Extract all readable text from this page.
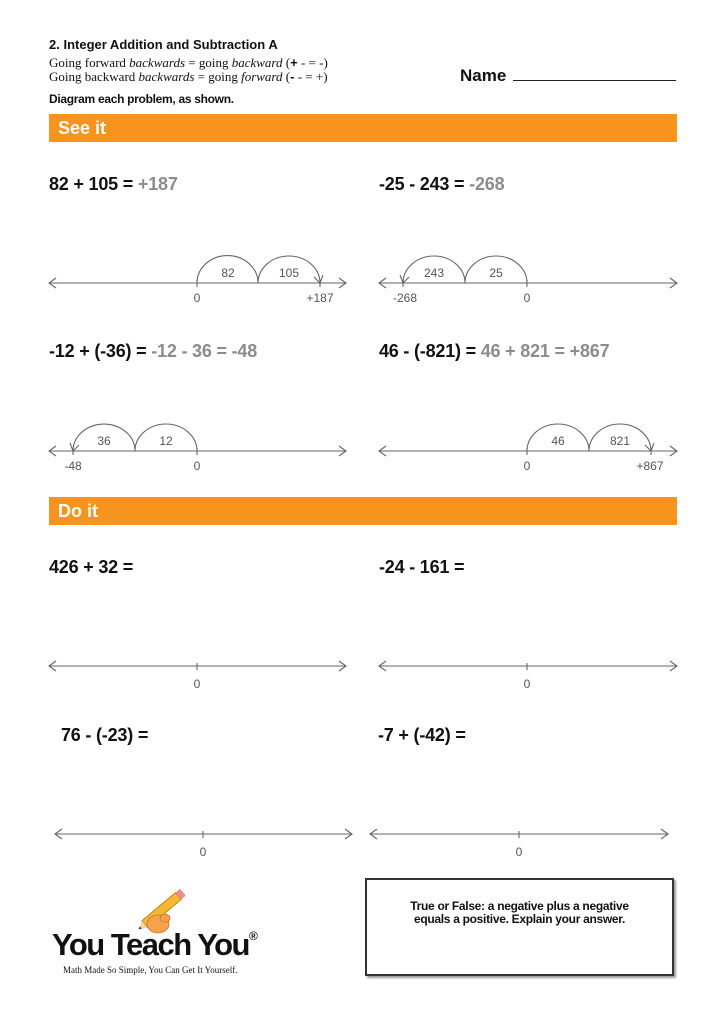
2. Integer Addition and Subtraction A
Going forward backwards = going backward (+ - = -)
Going backward backwards = going forward (- - = +)
Diagram each problem, as shown.
Name
See it
82 + 105 = +187	-25 - 243 = -268
-12 + (-36) = -12 - 36 = -48	46 - (-821) = 46 + 821 = +867
82	105
0	+187
25
243
0
-268
12
36
0
-48
46	821
0	+867
0	0
0	0
Do it
426 + 32 =	-24 - 161 =
76 - (-23) =	-7 + (-42) =
You Teach You®
Math Made So Simple, You Can Get It Yourself.
True or False: a negative plus a negative
equals a positive. Explain your answer.
